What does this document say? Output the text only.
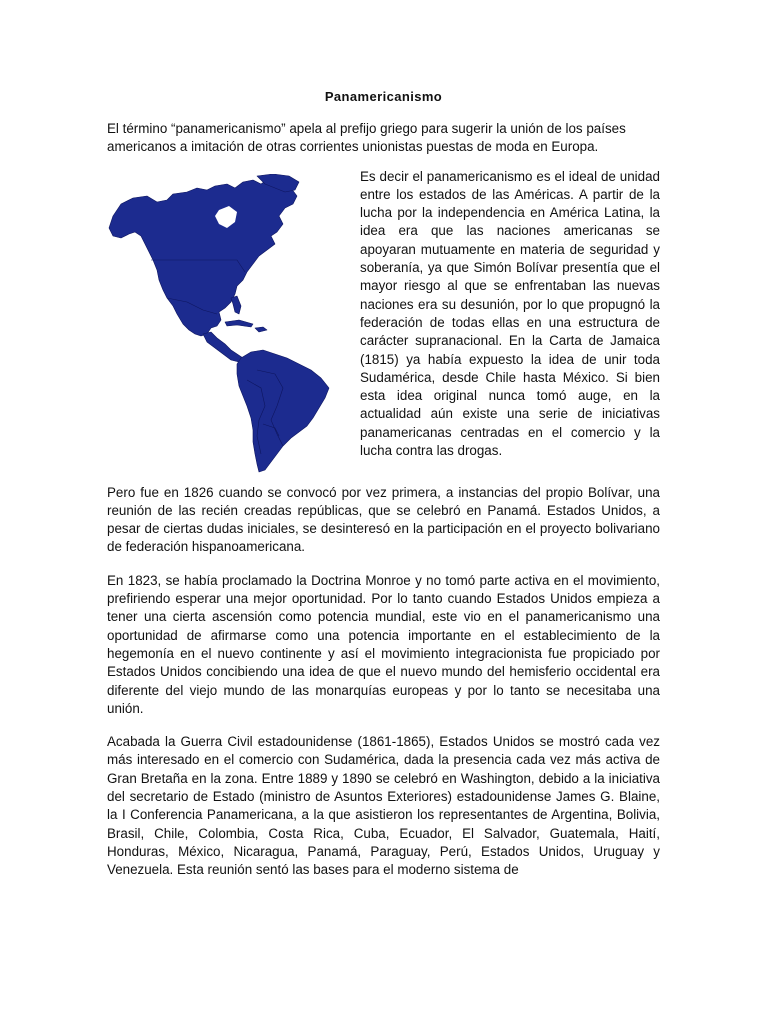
Panamericanismo

El término “panamericanismo” apela al prefijo griego para sugerir la unión de los países americanos a imitación de otras corrientes unionistas puestas de moda en Europa.

Es decir el panamericanismo es el ideal de unidad entre los estados de las Américas. A partir de la lucha por la independencia en América Latina, la idea era que las naciones americanas se apoyaran mutuamente en materia de seguridad y soberanía, ya que Simón Bolívar presentía que el mayor riesgo al que se enfrentaban las nuevas naciones era su desunión, por lo que propugnó la federación de todas ellas en una estructura de carácter supranacional. En la Carta de Jamaica (1815) ya había expuesto la idea de unir toda Sudamérica, desde Chile hasta México. Si bien esta idea original nunca tomó auge, en la actualidad aún existe una serie de iniciativas panamericanas centradas en el comercio y la lucha contra las drogas.

Pero fue en 1826 cuando se convocó por vez primera, a instancias del propio Bolívar, una reunión de las recién creadas repúblicas, que se celebró en Panamá. Estados Unidos, a pesar de ciertas dudas iniciales, se desinteresó en la participación en el proyecto bolivariano de federación hispanoamericana.

En 1823, se había proclamado la Doctrina Monroe y no tomó parte activa en el movimiento, prefiriendo esperar una mejor oportunidad. Por lo tanto cuando Estados Unidos empieza a tener una cierta ascensión como potencia mundial, este vio en el panamericanismo una oportunidad de afirmarse como una potencia importante en el establecimiento de la hegemonía en el nuevo continente y así el movimiento integracionista fue propiciado por Estados Unidos concibiendo una idea de que el nuevo mundo del hemisferio occidental era diferente del viejo mundo de las monarquías europeas y por lo tanto se necesitaba una unión.

Acabada la Guerra Civil estadounidense (1861-1865), Estados Unidos se mostró cada vez más interesado en el comercio con Sudamérica, dada la presencia cada vez más activa de Gran Bretaña en la zona. Entre 1889 y 1890 se celebró en Washington, debido a la iniciativa del secretario de Estado (ministro de Asuntos Exteriores) estadounidense James G. Blaine, la I Conferencia Panamericana, a la que asistieron los representantes de Argentina, Bolivia, Brasil, Chile, Colombia, Costa Rica, Cuba, Ecuador, El Salvador, Guatemala, Haití, Honduras, México, Nicaragua, Panamá, Paraguay, Perú, Estados Unidos, Uruguay y Venezuela. Esta reunión sentó las bases para el moderno sistema de
